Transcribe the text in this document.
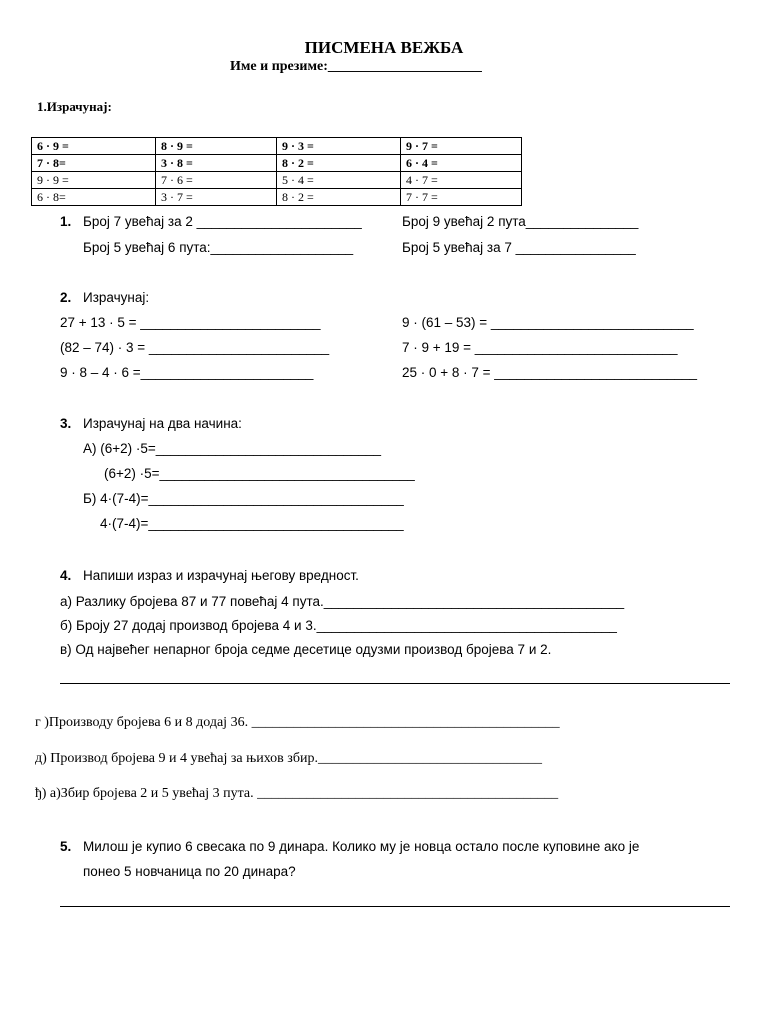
ПИСМЕНА ВЕЖБА
Име и презиме:______________________
1.Израчунај:
6 · 9 =	8 · 9 =	9 · 3 =	9 · 7 =
7 · 8=	3 · 8 =	8 · 2 =	6 · 4 =
9 · 9 =	7 · 6 =	5 · 4 =	4 · 7 =
6 · 8=	3 · 7 =	8 · 2 =	7 · 7 =
1. Број 7 увећај за 2 ______________________	Број 9 увећај 2 пута_______________
Број 5 увећај 6 пута:___________________	Број 5 увећај за 7 ________________
2. Израчунај:
27 + 13 · 5 = ________________________	9 · (61 – 53) = ___________________________
(82 – 74) · 3 = ________________________	7 · 9 + 19 = ___________________________
9 · 8 – 4 · 6 =_______________________	25 · 0 + 8 · 7 = ___________________________
3. Израчунај на два начина:
А) (6+2) ·5=______________________________
(6+2) ·5=__________________________________
Б) 4·(7-4)=__________________________________
4·(7-4)=__________________________________
4. Напиши израз и израчунај његову вредност.
а) Разлику бројева 87 и 77 повећај 4 пута.________________________________________
б) Броју 27 додај производ бројева 4 и 3.________________________________________
в) Од највећег непарног броја седме десетице одузми производ бројева 7 и 2.
г )Производу бројева 6 и 8 додај 36. ____________________________________________
д) Производ бројева 9 и 4 увећај за њихов збир.________________________________
ђ) а)Збир бројева 2 и 5 увећај 3 пута. ___________________________________________
5. Милош је купио 6 свесака по 9 динара. Колико му је новца остало после куповине ако је
понео 5 новчаница по 20 динара?
